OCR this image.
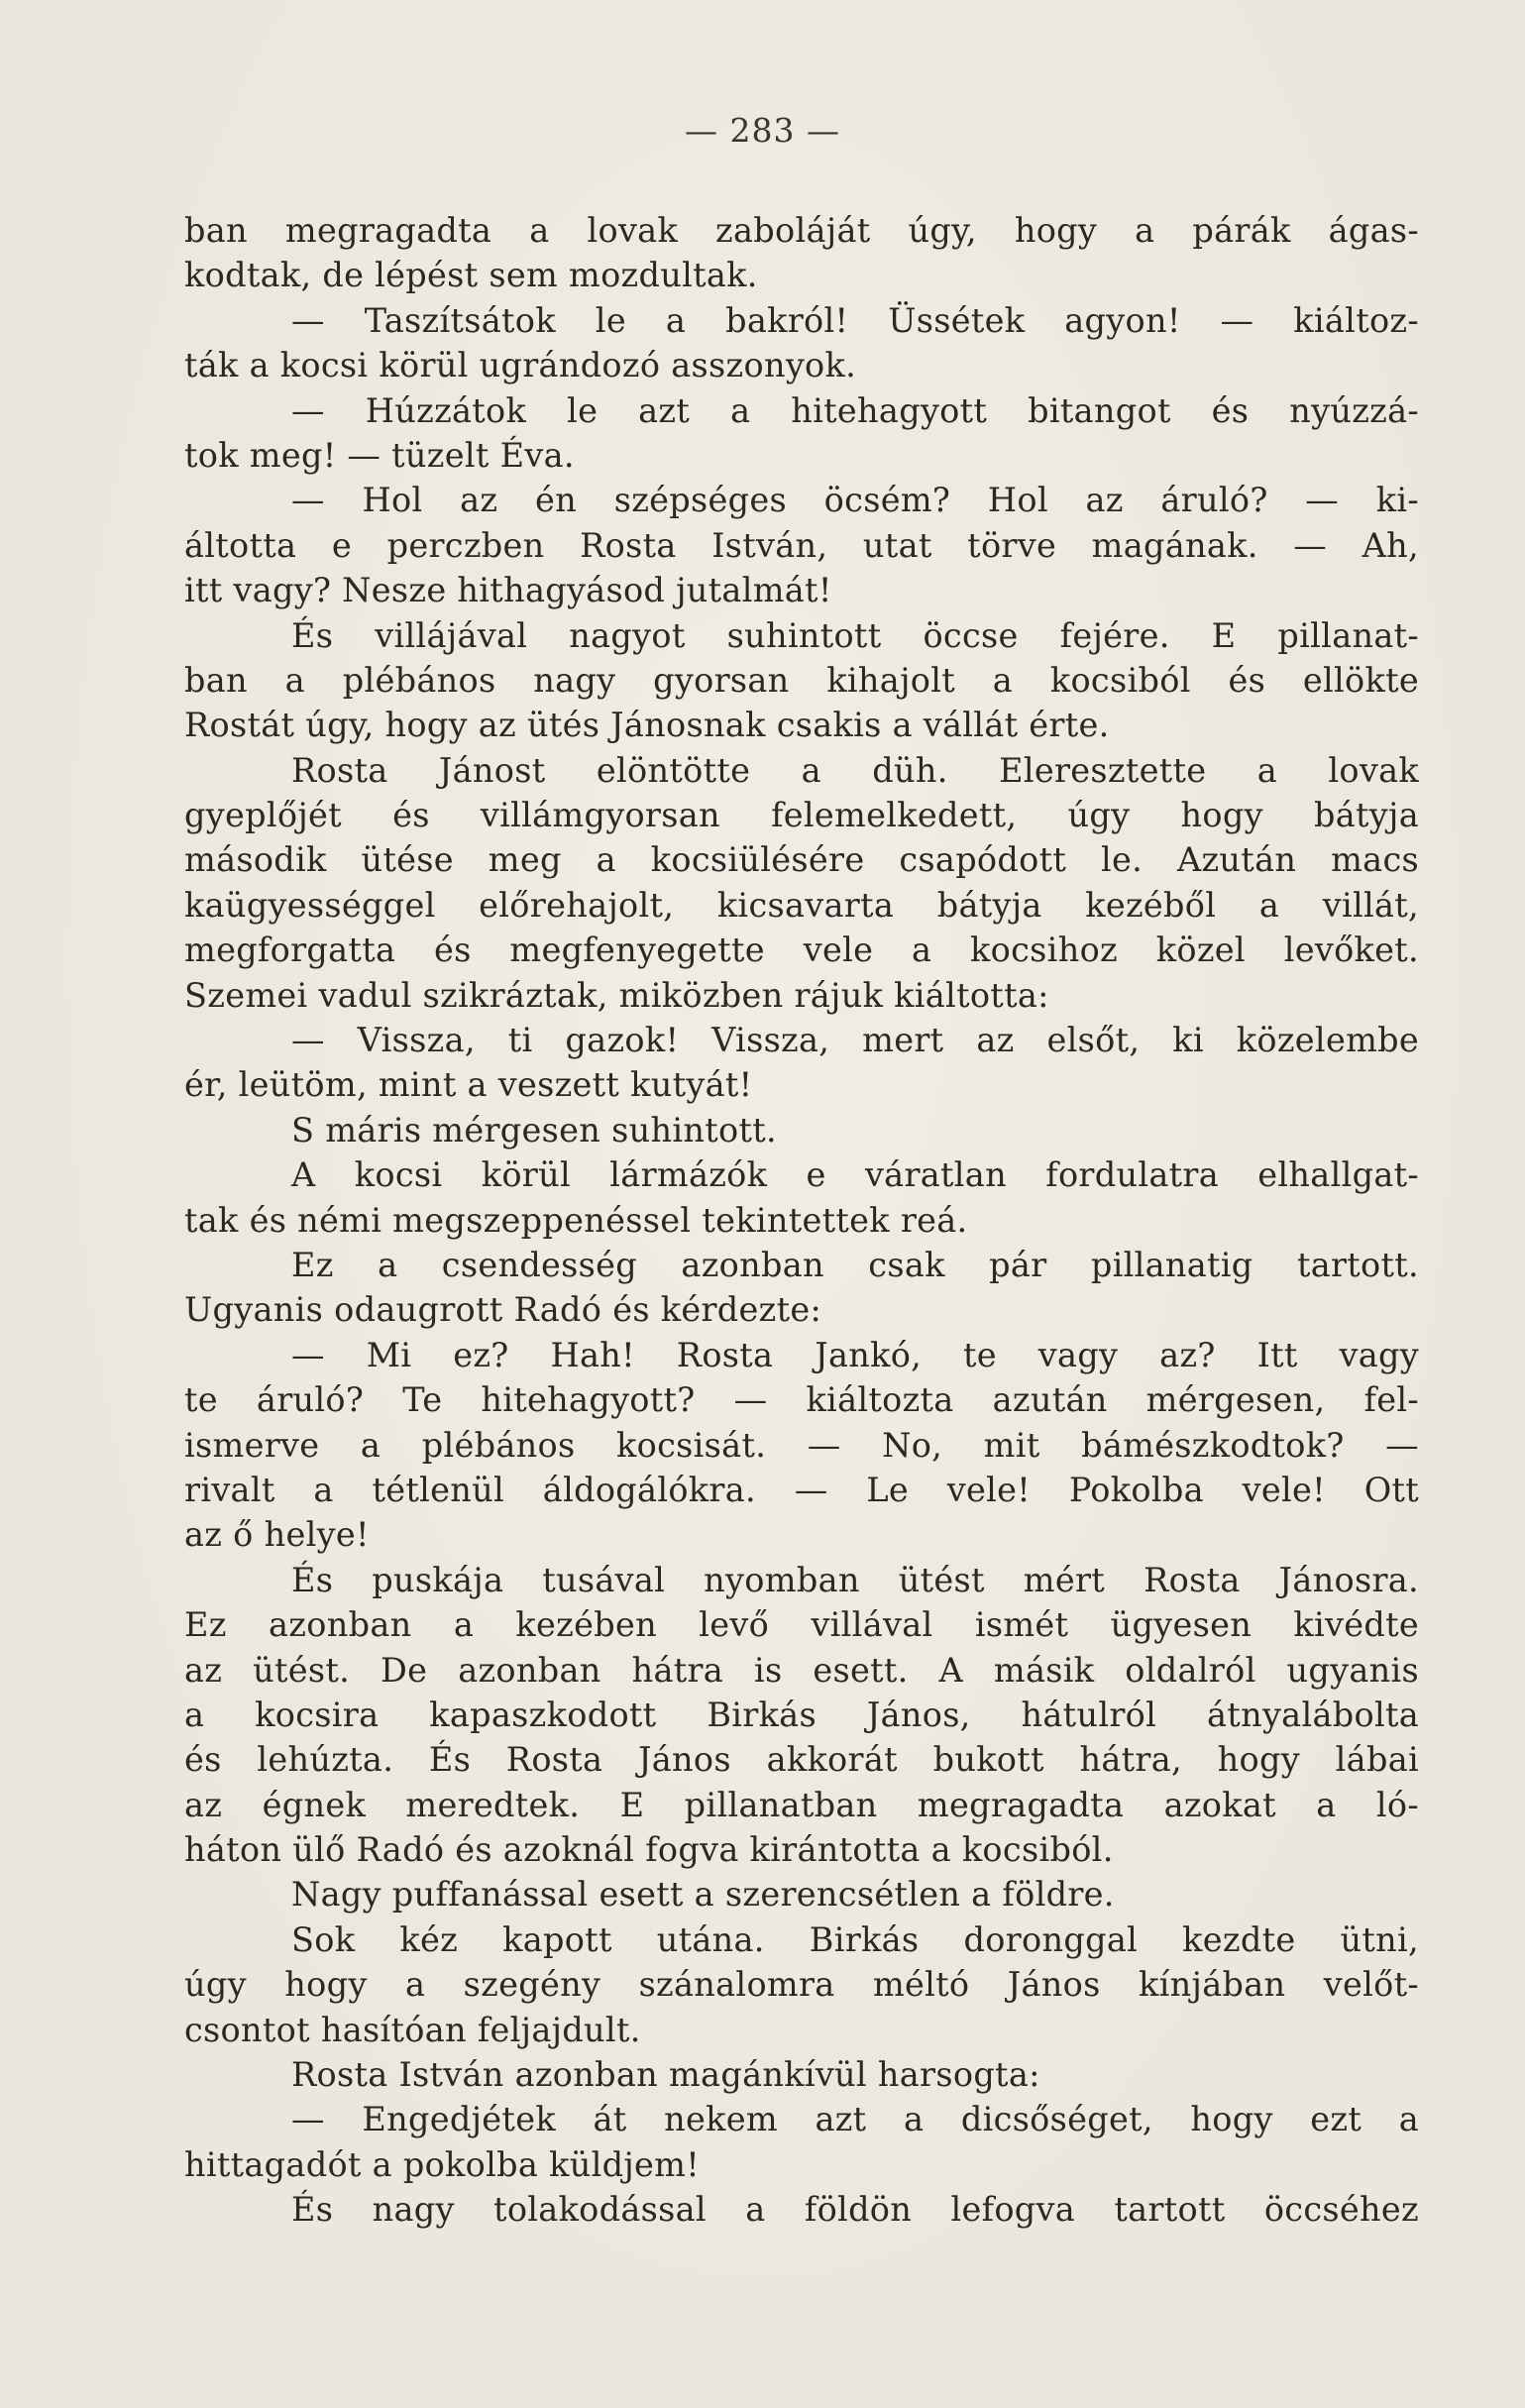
— 283 —
ban megragadta a lovak zaboláját úgy, hogy a párák ágas-
kodtak, de lépést sem mozdultak.
— Taszítsátok le a bakról! Üssétek agyon! — kiáltoz-
ták a kocsi körül ugrándozó asszonyok.
— Húzzátok le azt a hitehagyott bitangot és nyúzzá-
tok meg! — tüzelt Éva.
— Hol az én szépséges öcsém? Hol az áruló? — ki-
áltotta e perczben Rosta István, utat törve magának. — Ah,
itt vagy? Nesze hithagyásod jutalmát!
És villájával nagyot suhintott öccse fejére. E pillanat-
ban a plébános nagy gyorsan kihajolt a kocsiból és ellökte
Rostát úgy, hogy az ütés Jánosnak csakis a vállát érte.
Rosta Jánost elöntötte a düh. Eleresztette a lovak
gyeplőjét és villámgyorsan felemelkedett, úgy hogy bátyja
második ütése meg a kocsiülésére csapódott le. Azután macs
kaügyességgel előrehajolt, kicsavarta bátyja kezéből a villát,
megforgatta és megfenyegette vele a kocsihoz közel levőket.
Szemei vadul szikráztak, miközben rájuk kiáltotta:
— Vissza, ti gazok! Vissza, mert az elsőt, ki közelembe
ér, leütöm, mint a veszett kutyát!
S máris mérgesen suhintott.
A kocsi körül lármázók e váratlan fordulatra elhallgat-
tak és némi megszeppenéssel tekintettek reá.
Ez a csendesség azonban csak pár pillanatig tartott.
Ugyanis odaugrott Radó és kérdezte:
— Mi ez? Hah! Rosta Jankó, te vagy az? Itt vagy
te áruló? Te hitehagyott? — kiáltozta azután mérgesen, fel-
ismerve a plébános kocsisát. — No, mit bámészkodtok? —
rivalt a tétlenül áldogálókra. — Le vele! Pokolba vele! Ott
az ő helye!
És puskája tusával nyomban ütést mért Rosta Jánosra.
Ez azonban a kezében levő villával ismét ügyesen kivédte
az ütést. De azonban hátra is esett. A másik oldalról ugyanis
a kocsira kapaszkodott Birkás János, hátulról átnyalábolta
és lehúzta. És Rosta János akkorát bukott hátra, hogy lábai
az égnek meredtek. E pillanatban megragadta azokat a ló-
háton ülő Radó és azoknál fogva kirántotta a kocsiból.
Nagy puffanással esett a szerencsétlen a földre.
Sok kéz kapott utána. Birkás doronggal kezdte ütni,
úgy hogy a szegény szánalomra méltó János kínjában velőt-
csontot hasítóan feljajdult.
Rosta István azonban magánkívül harsogta:
— Engedjétek át nekem azt a dicsőséget, hogy ezt a
hittagadót a pokolba küldjem!
És nagy tolakodással a földön lefogva tartott öccséhez
